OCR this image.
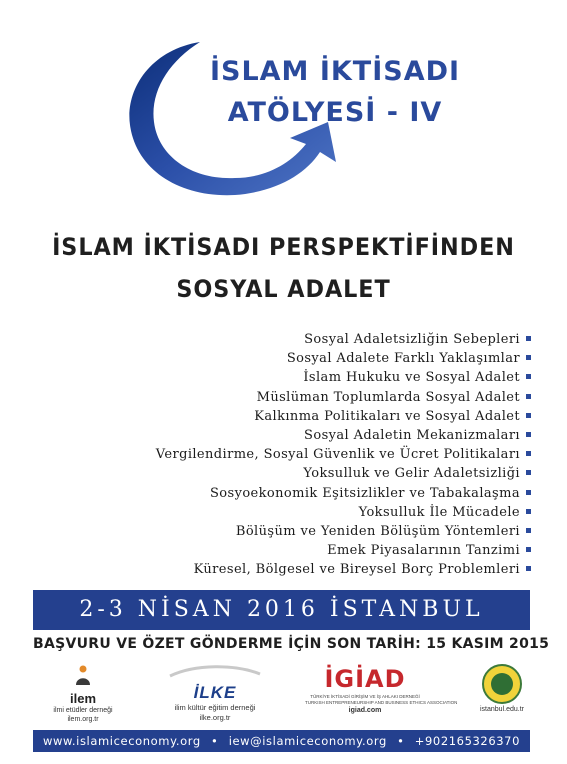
İSLAM İKTİSADI
ATÖLYESİ - IV
İSLAM İKTİSADI PERSPEKTİFİNDEN
SOSYAL ADALET
Sosyal Adaletsizliğin Sebepleri
Sosyal Adalete Farklı Yaklaşımlar
İslam Hukuku ve Sosyal Adalet
Müslüman Toplumlarda Sosyal Adalet
Kalkınma Politikaları ve Sosyal Adalet
Sosyal Adaletin Mekanizmaları
Vergilendirme, Sosyal Güvenlik ve Ücret Politikaları
Yoksulluk ve Gelir Adaletsizliği
Sosyoekonomik Eşitsizlikler ve Tabakalaşma
Yoksulluk İle Mücadele
Bölüşüm ve Yeniden Bölüşüm Yöntemleri
Emek Piyasalarının Tanzimi
Küresel, Bölgesel ve Bireysel Borç Problemleri
2-3 NİSAN 2016 İSTANBUL
BAŞVURU VE ÖZET GÖNDERME İÇİN SON TARİH: 15 KASIM 2015
ilem
ilmi etüdler derneği
ilem.org.tr
İLKE
ilim kültür eğitim derneği
ilke.org.tr
İGİAD
TÜRKİYE İKTİSADİ GİRİŞİM VE İŞ AHLAKI DERNEĞİ
TURKISH ENTREPRENEURSHIP AND BUSINESS ETHICS ASSOCIATION
igiad.com	istanbul.edu.tr
www.islamiceconomy.org • iew@islamiceconomy.org • +902165326370
